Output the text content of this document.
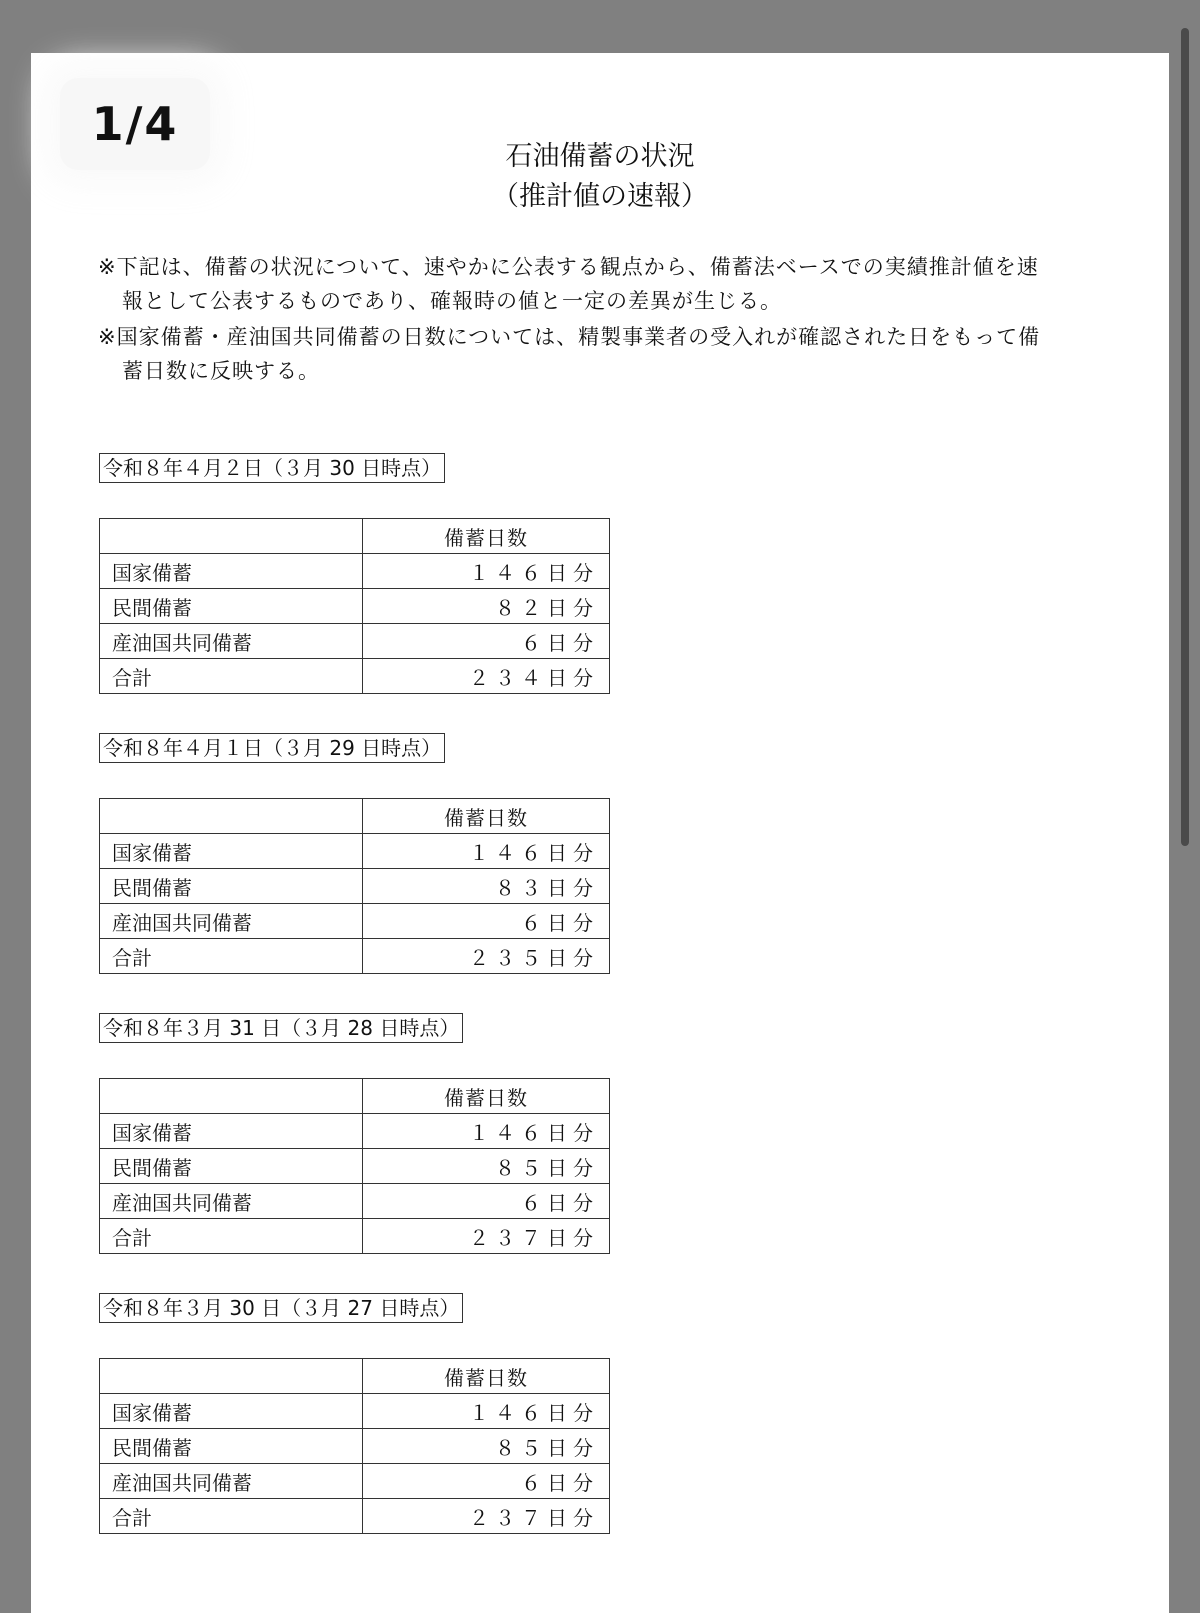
1/4
石油備蓄の状況
（推計値の速報）
※下記は、備蓄の状況について、速やかに公表する観点から、備蓄法ベースでの実績推計値を速
報として公表するものであり、確報時の値と一定の差異が生じる。
※国家備蓄・産油国共同備蓄の日数については、精製事業者の受入れが確認された日をもって備
蓄日数に反映する。
令和８年４月２日（３月 30 日時点）
	備蓄日数
国家備蓄	１４６日分
民間備蓄	８２日分
産油国共同備蓄	６日分
合計	２３４日分
令和８年４月１日（３月 29 日時点）
	備蓄日数
国家備蓄	１４６日分
民間備蓄	８３日分
産油国共同備蓄	６日分
合計	２３５日分
令和８年３月 31 日（３月 28 日時点）
	備蓄日数
国家備蓄	１４６日分
民間備蓄	８５日分
産油国共同備蓄	６日分
合計	２３７日分
令和８年３月 30 日（３月 27 日時点）
	備蓄日数
国家備蓄	１４６日分
民間備蓄	８５日分
産油国共同備蓄	６日分
合計	２３７日分
